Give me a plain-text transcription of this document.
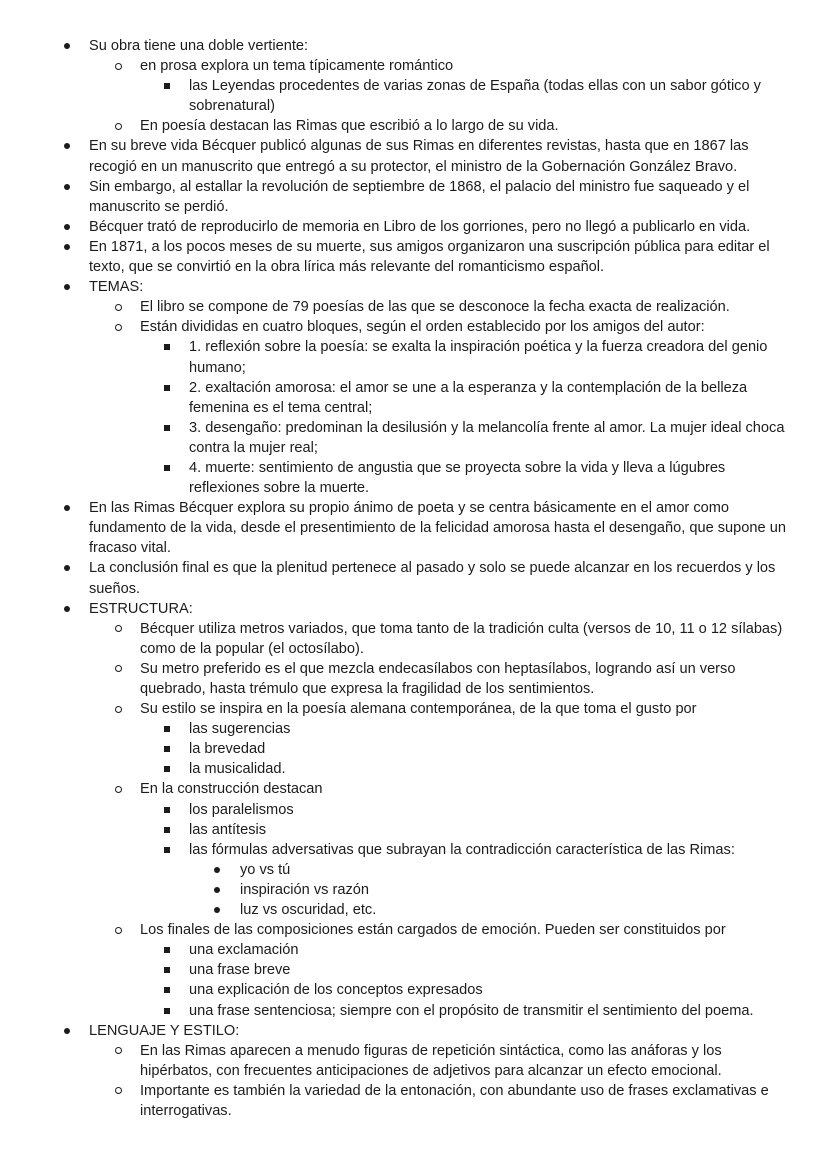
Su obra tiene una doble vertiente:
en prosa explora un tema típicamente romántico
las Leyendas procedentes de varias zonas de España (todas ellas con un sabor gótico y sobrenatural)
En poesía destacan las Rimas que escribió a lo largo de su vida.
En su breve vida Bécquer publicó algunas de sus Rimas en diferentes revistas, hasta que en 1867 las recogió en un manuscrito que entregó a su protector, el ministro de la Gobernación González Bravo.
Sin embargo, al estallar la revolución de septiembre de 1868, el palacio del ministro fue saqueado y el manuscrito se perdió.
Bécquer trató de reproducirlo de memoria en Libro de los gorriones, pero no llegó a publicarlo en vida.
En 1871, a los pocos meses de su muerte, sus amigos organizaron una suscripción pública para editar el texto, que se convirtió en la obra lírica más relevante del romanticismo español.
TEMAS:
El libro se compone de 79 poesías de las que se desconoce la fecha exacta de realización.
Están divididas en cuatro bloques, según el orden establecido por los amigos del autor:
1. reflexión sobre la poesía: se exalta la inspiración poética y la fuerza creadora del genio humano;
2. exaltación amorosa: el amor se une a la esperanza y la contemplación de la belleza femenina es el tema central;
3. desengaño: predominan la desilusión y la melancolía frente al amor. La mujer ideal choca contra la mujer real;
4. muerte: sentimiento de angustia que se proyecta sobre la vida y lleva a lúgubres reflexiones sobre la muerte.
En las Rimas Bécquer explora su propio ánimo de poeta y se centra básicamente en el amor como fundamento de la vida, desde el presentimiento de la felicidad amorosa hasta el desengaño, que supone un fracaso vital.
La conclusión final es que la plenitud pertenece al pasado y solo se puede alcanzar en los recuerdos y los sueños.
ESTRUCTURA:
Bécquer utiliza metros variados, que toma tanto de la tradición culta (versos de 10, 11 o 12 sílabas) como de la popular (el octosílabo).
Su metro preferido es el que mezcla endecasílabos con heptasílabos, logrando así un verso quebrado, hasta trémulo que expresa la fragilidad de los sentimientos.
Su estilo se inspira en la poesía alemana contemporánea, de la que toma el gusto por
las sugerencias
la brevedad
la musicalidad.
En la construcción destacan
los paralelismos
las antítesis
las fórmulas adversativas que subrayan la contradicción característica de las Rimas:
yo vs tú
inspiración vs razón
luz vs oscuridad, etc.
Los finales de las composiciones están cargados de emoción. Pueden ser constituidos por
una exclamación
una frase breve
una explicación de los conceptos expresados
una frase sentenciosa; siempre con el propósito de transmitir el sentimiento del poema.
LENGUAJE Y ESTILO:
En las Rimas aparecen a menudo figuras de repetición sintáctica, como las anáforas y los hipérbatos, con frecuentes anticipaciones de adjetivos para alcanzar un efecto emocional.
Importante es también la variedad de la entonación, con abundante uso de frases exclamativas e interrogativas.
